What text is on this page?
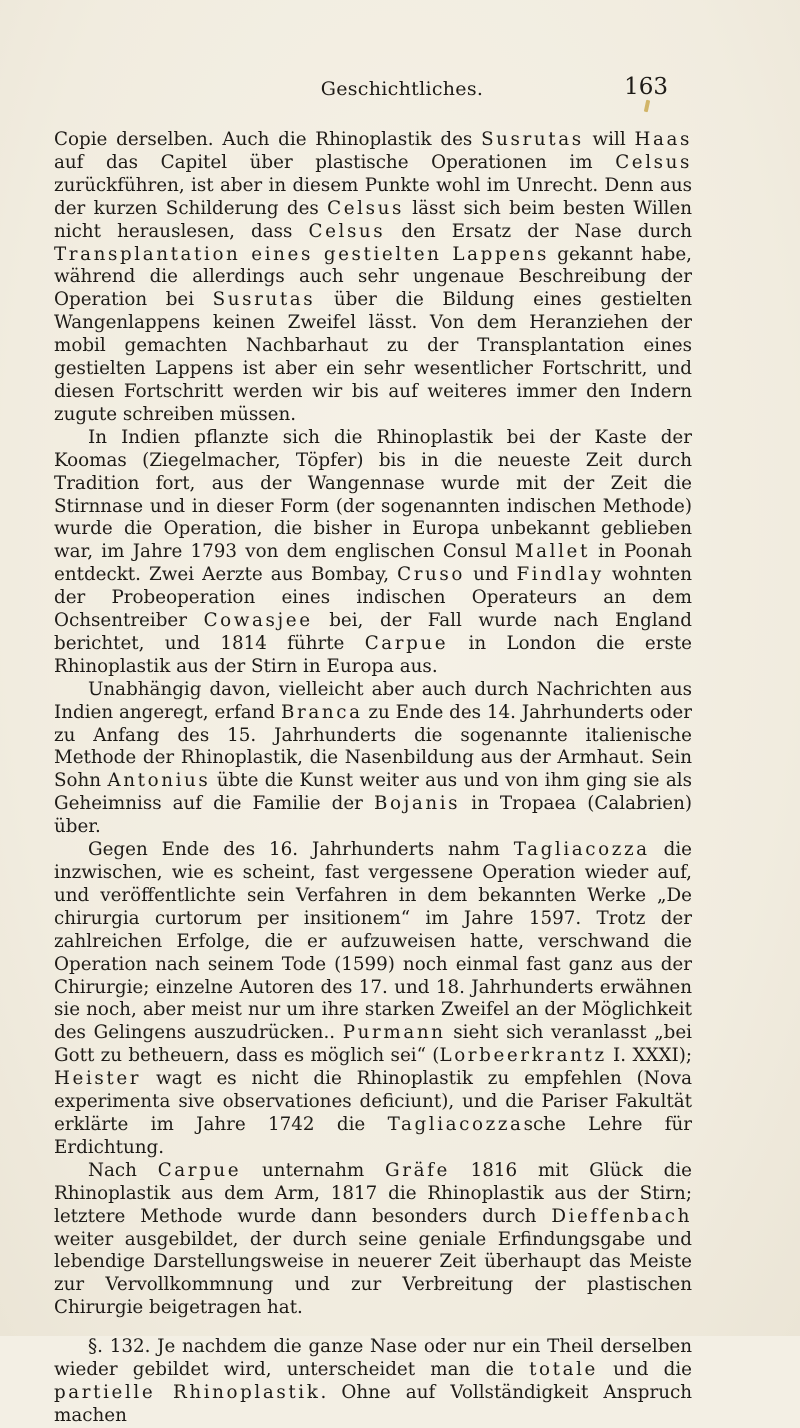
Geschichtliches.	163

Copie derselben. Auch die Rhinoplastik des Susrutas will Haas auf das Capitel über plastische Operationen im Celsus zurückführen, ist aber in diesem Punkte wohl im Unrecht. Denn aus der kurzen Schilderung des Celsus lässt sich beim besten Willen nicht herauslesen, dass Celsus den Ersatz der Nase durch Transplantation eines gestielten Lappens gekannt habe, während die allerdings auch sehr ungenaue Beschreibung der Operation bei Susrutas über die Bildung eines gestielten Wangenlappens keinen Zweifel lässt. Von dem Heranziehen der mobil gemachten Nachbarhaut zu der Transplantation eines gestielten Lappens ist aber ein sehr wesentlicher Fortschritt, und diesen Fortschritt werden wir bis auf weiteres immer den Indern zugute schreiben müssen.

In Indien pflanzte sich die Rhinoplastik bei der Kaste der Koomas (Ziegelmacher, Töpfer) bis in die neueste Zeit durch Tradition fort, aus der Wangennase wurde mit der Zeit die Stirnnase und in dieser Form (der sogenannten indischen Methode) wurde die Operation, die bisher in Europa unbekannt geblieben war, im Jahre 1793 von dem englischen Consul Mallet in Poonah entdeckt. Zwei Aerzte aus Bombay, Cruso und Findlay wohnten der Probeoperation eines indischen Operateurs an dem Ochsentreiber Cowasjee bei, der Fall wurde nach England berichtet, und 1814 führte Carpue in London die erste Rhinoplastik aus der Stirn in Europa aus.

Unabhängig davon, vielleicht aber auch durch Nachrichten aus Indien angeregt, erfand Branca zu Ende des 14. Jahrhunderts oder zu Anfang des 15. Jahrhunderts die sogenannte italienische Methode der Rhinoplastik, die Nasenbildung aus der Armhaut. Sein Sohn Antonius übte die Kunst weiter aus und von ihm ging sie als Geheimniss auf die Familie der Bojanis in Tropaea (Calabrien) über.

Gegen Ende des 16. Jahrhunderts nahm Tagliacozza die inzwischen, wie es scheint, fast vergessene Operation wieder auf, und veröffentlichte sein Verfahren in dem bekannten Werke „De chirurgia curtorum per insitionem“ im Jahre 1597. Trotz der zahlreichen Erfolge, die er aufzuweisen hatte, verschwand die Operation nach seinem Tode (1599) noch einmal fast ganz aus der Chirurgie; einzelne Autoren des 17. und 18. Jahrhunderts erwähnen sie noch, aber meist nur um ihre starken Zweifel an der Möglichkeit des Gelingens auszudrücken.. Purmann sieht sich veranlasst „bei Gott zu betheuern, dass es möglich sei“ (Lorbeerkrantz I. XXXI); Heister wagt es nicht die Rhinoplastik zu empfehlen (Nova experimenta sive observationes deficiunt), und die Pariser Fakultät erklärte im Jahre 1742 die Tagliacozzasche Lehre für Erdichtung.

Nach Carpue unternahm Gräfe 1816 mit Glück die Rhinoplastik aus dem Arm, 1817 die Rhinoplastik aus der Stirn; letztere Methode wurde dann besonders durch Dieffenbach weiter ausgebildet, der durch seine geniale Erfindungsgabe und lebendige Darstellungsweise in neuerer Zeit überhaupt das Meiste zur Vervollkommnung und zur Verbreitung der plastischen Chirurgie beigetragen hat.

§. 132. Je nachdem die ganze Nase oder nur ein Theil derselben wieder gebildet wird, unterscheidet man die totale und die partielle Rhinoplastik. Ohne auf Vollständigkeit Anspruch machen
